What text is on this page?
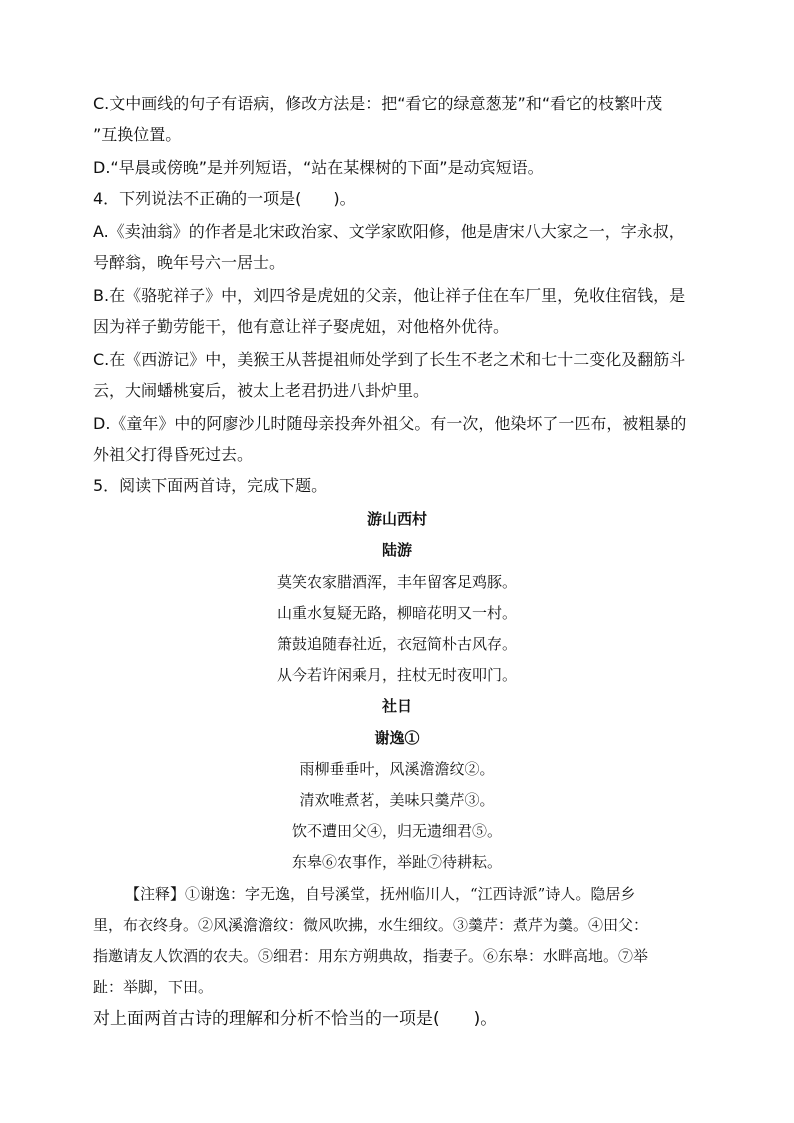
C.文中画线的句子有语病，修改方法是：把“看它的绿意葱茏”和“看它的枝繁叶茂
”互换位置。
D.“早晨或傍晚”是并列短语，“站在某棵树的下面”是动宾短语。
4．下列说法不正确的一项是(　　)。
A.《卖油翁》的作者是北宋政治家、文学家欧阳修，他是唐宋八大家之一，字永叔，
号醉翁，晚年号六一居士。
B.在《骆驼祥子》中，刘四爷是虎妞的父亲，他让祥子住在车厂里，免收住宿钱，是
因为祥子勤劳能干，他有意让祥子娶虎妞，对他格外优待。
C.在《西游记》中，美猴王从菩提祖师处学到了长生不老之术和七十二变化及翻筋斗
云，大闹蟠桃宴后，被太上老君扔进八卦炉里。
D.《童年》中的阿廖沙儿时随母亲投奔外祖父。有一次，他染坏了一匹布，被粗暴的
外祖父打得昏死过去。
5．阅读下面两首诗，完成下题。
游山西村
陆游
莫笑农家腊酒浑，丰年留客足鸡豚。
山重水复疑无路，柳暗花明又一村。
箫鼓追随春社近，衣冠简朴古风存。
从今若许闲乘月，拄杖无时夜叩门。
社日
谢逸①
雨柳垂垂叶，风溪澹澹纹②。
清欢唯煮茗，美味只羹芹③。
饮不遭田父④，归无遗细君⑤。
东皋⑥农事作，举趾⑦待耕耘。
【注释】①谢逸：字无逸，自号溪堂，抚州临川人，“江西诗派”诗人。隐居乡
里，布衣终身。②风溪澹澹纹：微风吹拂，水生细纹。③羹芹：煮芹为羹。④田父：
指邀请友人饮酒的农夫。⑤细君：用东方朔典故，指妻子。⑥东皋：水畔高地。⑦举
趾：举脚，下田。
对上面两首古诗的理解和分析不恰当的一项是(　　)。
